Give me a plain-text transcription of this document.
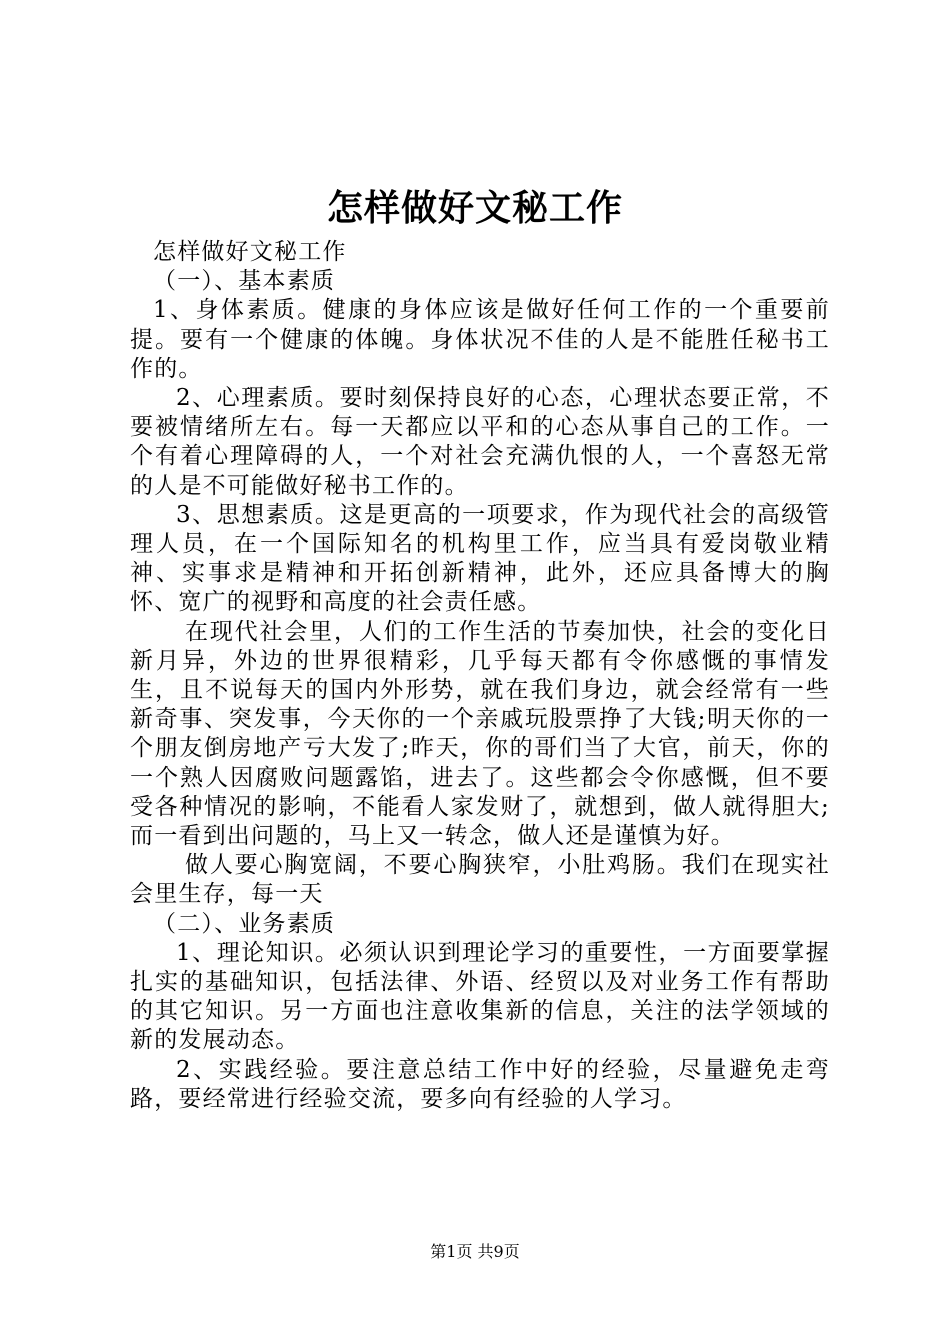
怎样做好文秘工作

怎样做好文秘工作

（一）、基本素质

1、身体素质。健康的身体应该是做好任何工作的一个重要前提。要有一个健康的体魄。身体状况不佳的人是不能胜任秘书工作的。

2、心理素质。要时刻保持良好的心态，心理状态要正常，不要被情绪所左右。每一天都应以平和的心态从事自己的工作。一个有着心理障碍的人，一个对社会充满仇恨的人，一个喜怒无常的人是不可能做好秘书工作的。

3、思想素质。这是更高的一项要求，作为现代社会的高级管理人员，在一个国际知名的机构里工作，应当具有爱岗敬业精神、实事求是精神和开拓创新精神，此外，还应具备博大的胸怀、宽广的视野和高度的社会责任感。

在现代社会里，人们的工作生活的节奏加快，社会的变化日新月异，外边的世界很精彩，几乎每天都有令你感慨的事情发生，且不说每天的国内外形势，就在我们身边，就会经常有一些新奇事、突发事，今天你的一个亲戚玩股票挣了大钱;明天你的一个朋友倒房地产亏大发了;昨天，你的哥们当了大官，前天，你的一个熟人因腐败问题露馅，进去了。这些都会令你感慨，但不要受各种情况的影响，不能看人家发财了，就想到，做人就得胆大;而一看到出问题的，马上又一转念，做人还是谨慎为好。

做人要心胸宽阔，不要心胸狭窄，小肚鸡肠。我们在现实社会里生存，每一天

（二）、业务素质

1、理论知识。必须认识到理论学习的重要性，一方面要掌握扎实的基础知识，包括法律、外语、经贸以及对业务工作有帮助的其它知识。另一方面也注意收集新的信息，关注的法学领域的新的发展动态。

2、实践经验。要注意总结工作中好的经验，尽量避免走弯路，要经常进行经验交流，要多向有经验的人学习。

第1页 共9页
